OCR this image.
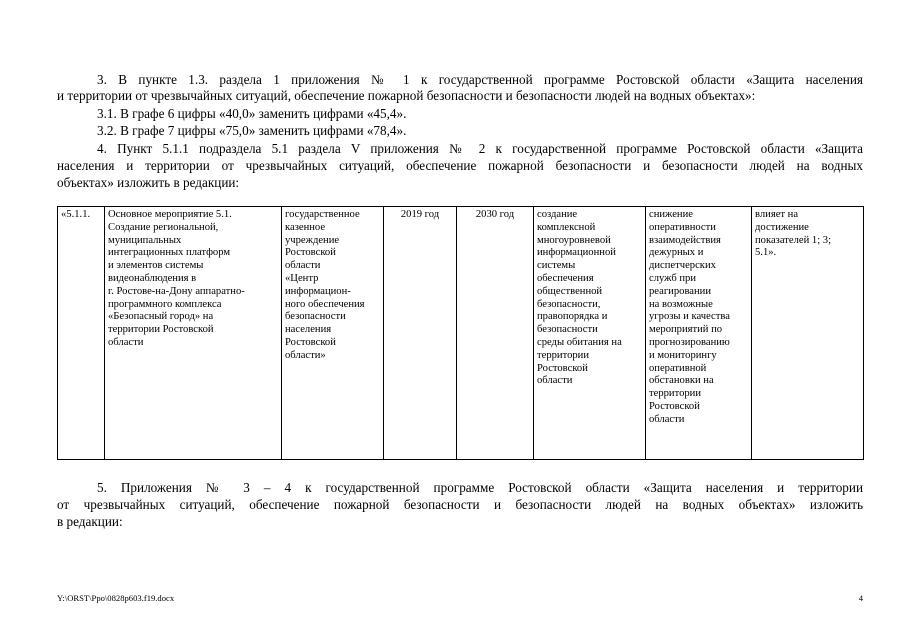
3. В пункте 1.3. раздела 1 приложения № 1 к государственной программе Ростовской области «Защита населения

и территории от чрезвычайных ситуаций, обеспечение пожарной безопасности и безопасности людей на водных объектах»:

3.1. В графе 6 цифры «40,0» заменить цифрами «45,4».

3.2. В графе 7 цифры «75,0» заменить цифрами «78,4».

4. Пункт 5.1.1 подраздела 5.1 раздела V приложения № 2 к государственной программе Ростовской области «Защита

населения и территории от чрезвычайных ситуаций, обеспечение пожарной безопасности и безопасности людей на водных

объектах» изложить в редакции:

«5.1.1.	Основное мероприятие 5.1.
Создание региональной,
муниципальных
интеграционных платформ
и элементов системы
видеонаблюдения в
г. Ростове-на-Дону аппаратно-
программного комплекса
«Безопасный город» на
территории Ростовской
области

государственное
казенное
учреждение
Ростовской
области
«Центр
информацион-
ного обеспечения
безопасности
населения
Ростовской
области»

2019 год	2030 год	создание
комплексной
многоуровневой
информационной
системы
обеспечения
общественной
безопасности,
правопорядка и
безопасности
среды обитания на
территории
Ростовской
области

снижение
оперативности
взаимодействия
дежурных и
диспетчерских
служб при
реагировании
на возможные
угрозы и качества
мероприятий по
прогнозированию
и мониторингу
оперативной
обстановки на
территории
Ростовской
области

влияет на
достижение
показателей 1; 3;
5.1».

5. Приложения № 3 – 4 к государственной программе Ростовской области «Защита населения и территории

от чрезвычайных ситуаций, обеспечение пожарной безопасности и безопасности людей на водных объектах» изложить

в редакции:

Y:\ORST\Ppo\0828p603.f19.docx	4
